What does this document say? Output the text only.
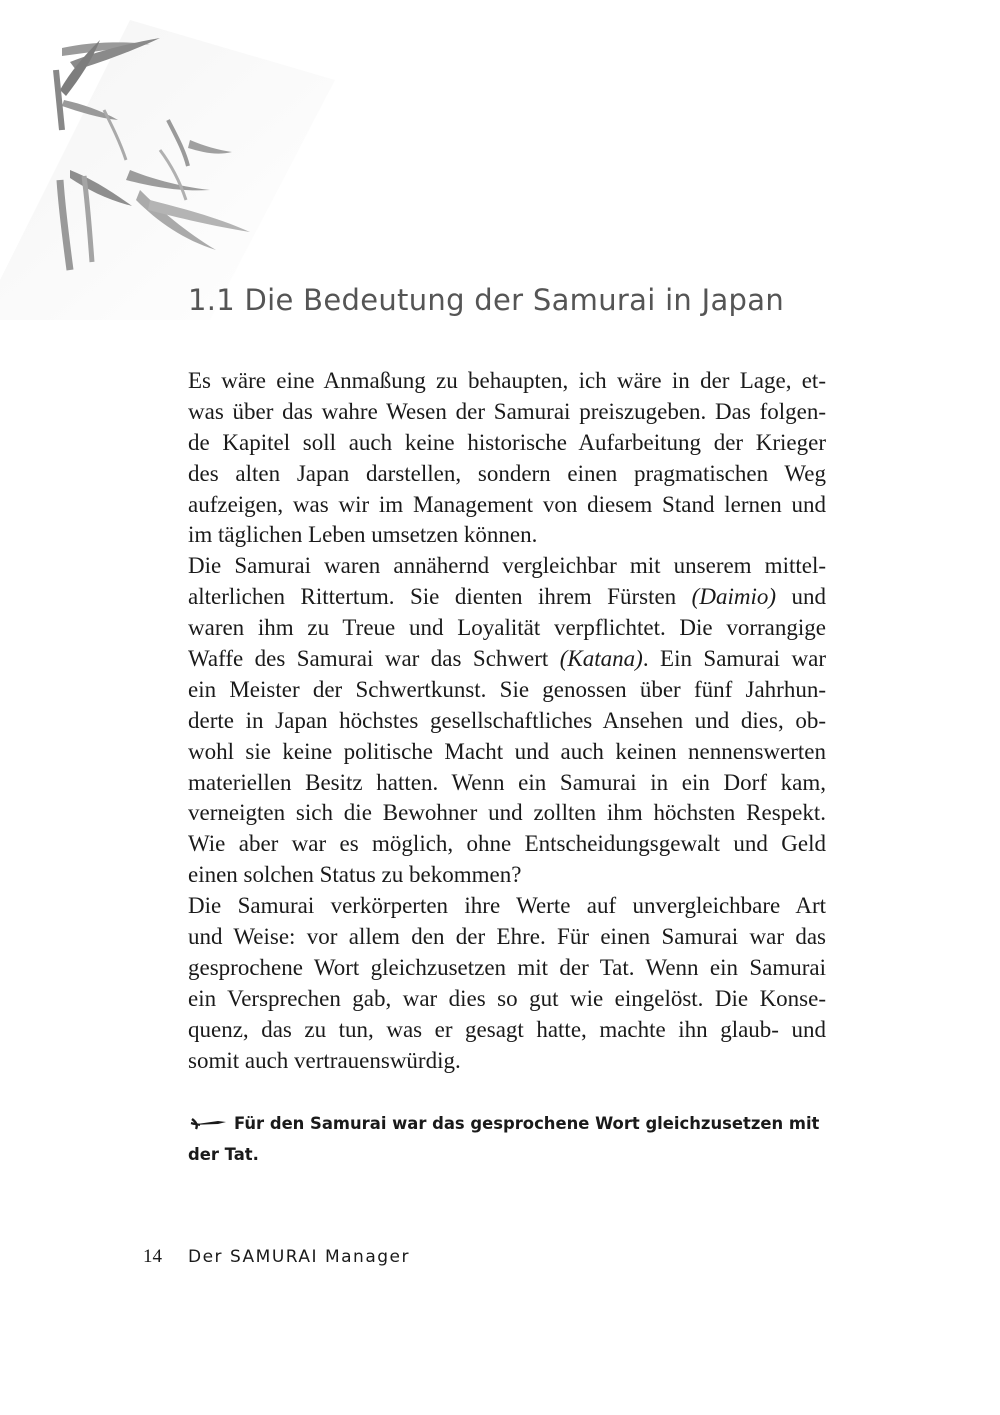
1.1 Die Bedeutung der Samurai in Japan
Es wäre eine Anmaßung zu behaupten, ich wäre in der Lage, et-
was über das wahre Wesen der Samurai preiszugeben. Das folgen-
de Kapitel soll auch keine historische Aufarbeitung der Krieger
des alten Japan darstellen, sondern einen pragmatischen Weg
aufzeigen, was wir im Management von diesem Stand lernen und
im täglichen Leben umsetzen können.
Die Samurai waren annähernd vergleichbar mit unserem mittel-
alterlichen Rittertum. Sie dienten ihrem Fürsten (Daimio) und
waren ihm zu Treue und Loyalität verpflichtet. Die vorrangige
Waffe des Samurai war das Schwert (Katana). Ein Samurai war
ein Meister der Schwertkunst. Sie genossen über fünf Jahrhun-
derte in Japan höchstes gesellschaftliches Ansehen und dies, ob-
wohl sie keine politische Macht und auch keinen nennenswerten
materiellen Besitz hatten. Wenn ein Samurai in ein Dorf kam,
verneigten sich die Bewohner und zollten ihm höchsten Respekt.
Wie aber war es möglich, ohne Entscheidungsgewalt und Geld
einen solchen Status zu bekommen?
Die Samurai verkörperten ihre Werte auf unvergleichbare Art
und Weise: vor allem den der Ehre. Für einen Samurai war das
gesprochene Wort gleichzusetzen mit der Tat. Wenn ein Samurai
ein Versprechen gab, war dies so gut wie eingelöst. Die Konse-
quenz, das zu tun, was er gesagt hatte, machte ihn glaub- und
somit auch vertrauenswürdig.
Für den Samurai war das gesprochene Wort gleichzusetzen mit
der Tat.
14 Der SAMURAI Manager
